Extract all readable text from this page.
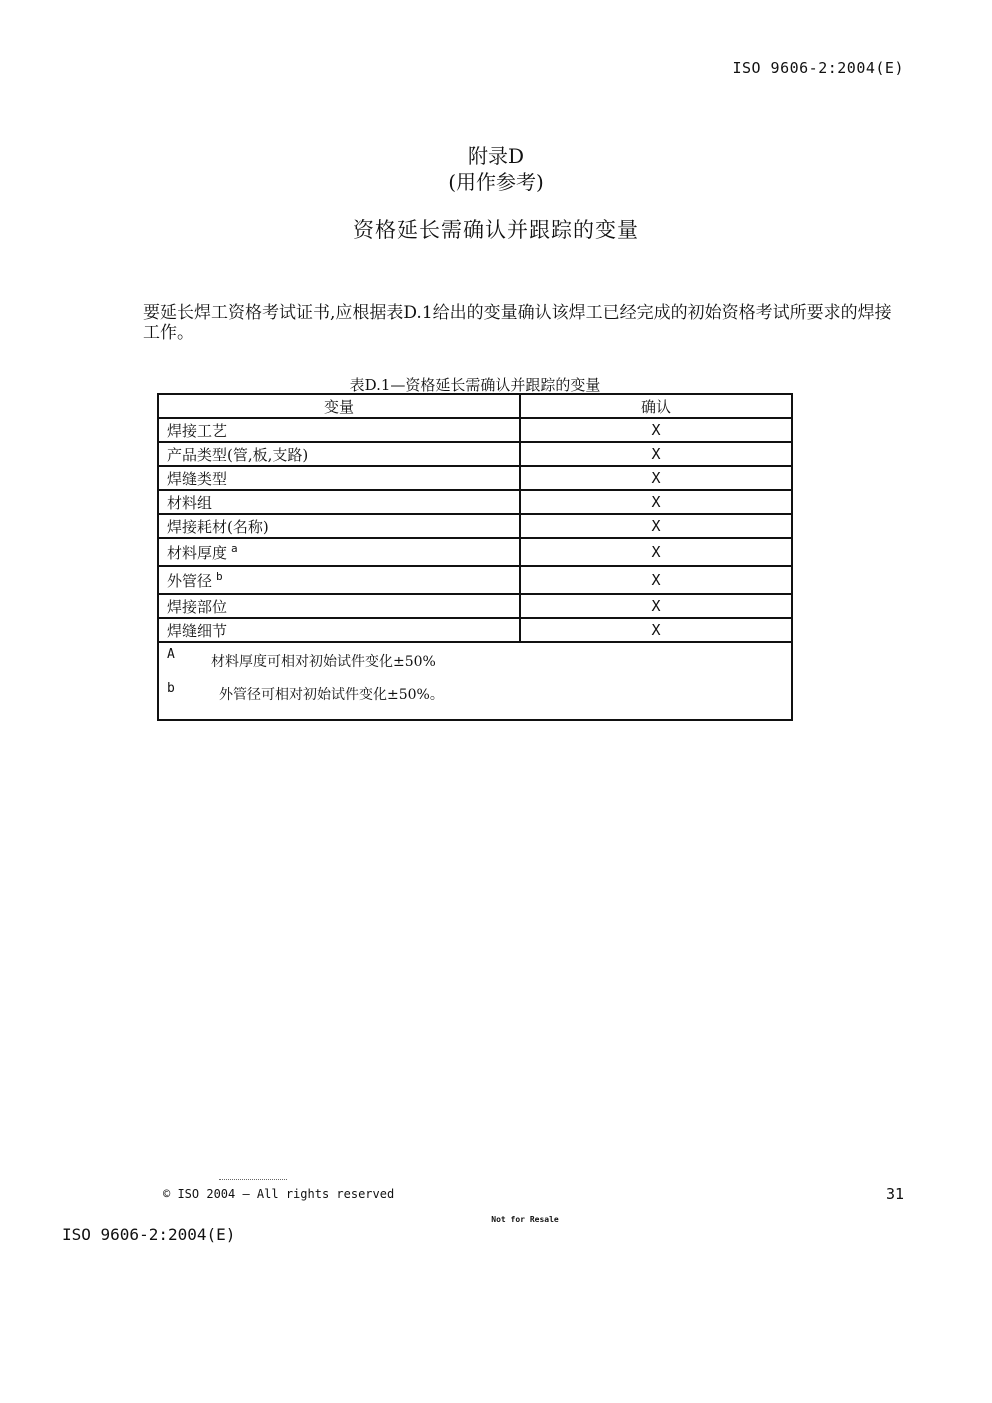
ISO 9606-2:2004(E)
附录D
(用作参考)
资格延长需确认并跟踪的变量
要延长焊工资格考试证书,应根据表D.1给出的变量确认该焊工已经完成的初始资格考试所要求的焊接工作。
表D.1—资格延长需确认并跟踪的变量
变量	确认
焊接工艺	X
产品类型(管,板,支路)	X
焊缝类型	X
材料组	X
焊接耗材(名称)	X
材料厚度 $^a$	X
外管径 $^b$	X
焊接部位	X
焊缝细节	X

A 材料厚度可相对初始试件变化±50%
b 外管径可相对初始试件变化±50%。	
© ISO 2004 – All rights reserved	31
Not for Resale
ISO 9606-2:2004(E)
